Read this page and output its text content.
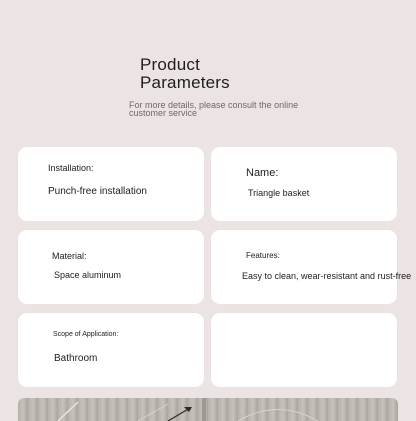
Product
Parameters
For more details, please consult the online customer service
Installation:
Punch-free installation
Name:
Triangle basket
Material:
Space aluminum
Features:
Easy to clean, wear-resistant and rust-free
Scope of Application:
Bathroom
